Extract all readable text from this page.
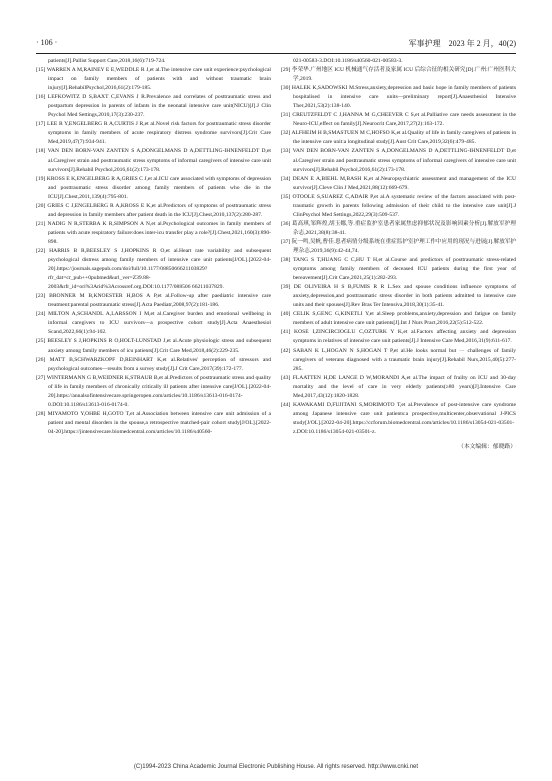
· 106 ·	军事护理　2023 年 2 月，40(2)

patients[J].Pallist Support Care,2018,16(6):719-724.

[15] WARREN A M,RAINEY E E,WEDDLE R J,et al.The intensive care unit experience:psychological impact on family members of patients with and without traumatic brain injury[J].RehabilPsychol,2016,61(2):179-185.

[16] LEFKOWITZ D S,BAXT C,EVANS J R.Prevalence and correlates of posttraumatic stress and postpartum depression in parents of infants in the neonatal intensive care unit(NICU)[J].J Clin Psychol Med Settings,2010,17(3):230-237.

[17] LEE R Y,ENGELBERG R A,CURTIS J R,et al.Novel risk factors for posttraumatic stress disorder symptoms in family members of acute respiratory distress syndrome survivors[J].Crit Care Med,2019,47(7):934-941.

[18] VAN DEN BORN-VAN ZANTEN S A,DONGELMANS D A,DETTLING-IHNENFELDT D,et al.Caregiver strain and posttraumatic stress symptoms of informal caregivers of intensive care unit survivors[J].Rehabil Psychol,2016,61(2):173-178.

[19] KROSS E K,ENGELBERG R A,GRIES C J,et al.ICU care associated with symptoms of depression and posttraumatic stress disorder among family members of patients who die in the ICU[J].Chest,2011,139(4):795-801.

[20] GRIES C J,ENGELBERG R A,KROSS E K,et al.Predictors of symptoms of posttraumatic stress and depression in family members after patient death in the ICU[J].Chest,2010,137(2):280-287.

[21] NADIG N R,STERBA K R,SIMPSON A N,et al.Psychological outcomes in family members of patients with acute respiratory failure:does inter-icu transfer play a role?[J].Chest,2021,160(3):890-898.

[22] HARRIS B R,BEESLEY S J,HOPKINS R O,et al.Heart rate variability and subsequent psychological distress among family members of intensive care unit patients[J/OL].[2022-04-20].https://journals.sagepub.com/doi/full/10.1177/0885066621103829?rfr_dat=cr_pub++0pubmed&url_ver=Z39.88-2003&rfr_id=ori%3Arid%3Acrossref.org.DOI:10.1177/088506 66211037829.

[23] BRONNER M B,KNOESTER H,BOS A P,et al.Follow-up after paediatric intensive care treatment:parental posttraumatic stress[J].Acta Paediatr,2008,97(2):181-186.

[24] MILTON A,SCHANDL A,LARSSON I M,et al.Caregiver burden and emotional wellbeing in informal caregivers to ICU survivors—a prospective cohort study[J].Acta Anaesthesiol Scand,2022,66(1):94-102.

[25] BEESLEY S J,HOPKINS R O,HOLT-LUNSTAD J,et al.Acute physiologic stress and subsequent anxiety among family members of icu patients[J].Crit Care Med,2018,46(2):229-235.

[26] MATT B,SCHWARZKOPF D,REINHART K,et al.Relatives' perception of stressors and psychological outcomes—results from a survey study[J].J Crit Care,2017(39):172-177.

[27] WINTERMANN G B,WEIDNER K,STRAUB B,et al.Predictors of posttraumatic stress and quality of life in family members of chronically critically ill patients after intensive care[J/OL].[2022-04-20].https://annalsofintensivecare.springeropen.com/articles/10.1186/s13613-016-0174-0.DOI:10.1186/s13613-016-0174-0.

[28] MIYAMOTO Y,OHBE H,GOTO T,et al.Association between intensive care unit admission of a patient and mental disorders in the spouse,a retrospective matched-pair cohort study[J/OL].[2022-04-20].https://jintensivecare.biomedcentral.com/articles/10.1186/s40560-

021-00583-3.DOI:10.1186/s40560-021-00583-3.

[29] 李荣华.广州地区 ICU 机械通气存活者及家属 ICU 后综合征的相关研究[D].广州:广州医科大学,2019.

[30] HALEK K,SADOWSKI M.Stress,anxiety,depression and basic hope in family members of patients hospitalised in intensive care units—preliminary report[J].Anaesthesiol Intensive Ther,2021,53(2):138-140.

[31] CREUTZFELDT C J,HANNA M G,CHEEVER C S,et al.Palliative care needs assessment in the Neuro-ICU,effect on family[J].Neurocrit Care,2017,27(2):163-172.

[32] ALFHEIM H B,SMASTUEN M C,HOFSO K,et al.Quality of life in family caregivers of patients in the intensive care unit:a longitudinal study[J].Aust Crit Care,2019,32(6):479-485.

[33] VAN DEN BORN-VAN ZANTEN S A,DONGELMANS D A,DETTLING-IHNENFELDT D,et al.Caregiver strain and posttraumatic stress symptoms of informal caregivers of intensive care unit survivors[J].Rehabil Psychol,2016,61(2):173-178.

[34] DEAN E A,BIEHL M,BASH K,et al.Neuropsychiatric assessment and management of the ICU survivor[J].Cleve Clin J Med,2021,88(12):669-679.

[35] OTOOLE S,SUAREZ C,ADAIR P,et al.A systematic review of the factors associated with post-traumatic growth in parents following admission of their child to the intensive care unit[J].J ClinPsychol Med Settings,2022,29(3):509-537.

[36] 葛高琪,邹辉煌,胡玉娜,等.重症监护室患者家属焦虑抑郁状况及影响因素分析[J].解放军护理杂志,2021,38(8):38-41.

[37] 阮一鸣,吴帆,曹佳.患者病情分级系统在重症监护室护理工作中应用的现况与进展[J].解放军护理杂志,2019,36(9):42-44,74.

[38] TANG S T,HUANG C C,HU T H,et al.Course and predictors of posttraumatic stress-related symptoms among family members of deceased ICU patients during the first year of bereavement[J].Crit Care,2021,25(1):282-293.

[39] DE OLIVEIRA H S B,FUMIS R R L.Sex and spouse conditions influence symptoms of anxiety,depression,and posttraumatic stress disorder in both patients admitted to intensive care units and their spouses[J].Rev Bras Ter Intensiva,2018,30(1):35-41.

[40] CELIK S,GENC G,KINETLI Y,et al.Sleep problems,anxiety,depression and fatigue on family members of adult intensive care unit patients[J].Int J Nurs Pract,2016,22(5):512-522.

[41] KOSE I,ZINCIRCIOGLU C,OZTURK Y K,et al.Factors affecting anxiety and depression symptoms in relatives of intensive care unit patients[J].J Intensive Care Med,2016,31(9):611-617.

[42] SABAN K L,HOGAN N S,HOGAN T P,et al.He looks normal but ··· challenges of family caregivers of veterans diagnosed with a traumatic brain injury[J].Rehabil Nurs,2015,40(5):277-285.

[43] FLAATTEN H,DE LANGE D W,MORANDI A,et al.The impact of frailty on ICU and 30-day mortality and the level of care in very elderly patients(≥80 years)[J].Intensive Care Med,2017,43(12):1820-1828.

[44] KAWAKAMI D,FUJITANI S,MORIMOTO T,et al.Prevalence of post-intensive care syndrome among Japanese intensive care unit patients:a prospective,multicenter,observational J-PICS study[J/OL].[2022-04-20].https://ccforum.biomedcentral.com/articles/10.1186/s13054-021-03501-z.DOI:10.1186/s13054-021-03501-z.

（本文编辑：郁晓路）
(C)1994-2023 China Academic Journal Electronic Publishing House. All rights reserved. http://www.cnki.net
